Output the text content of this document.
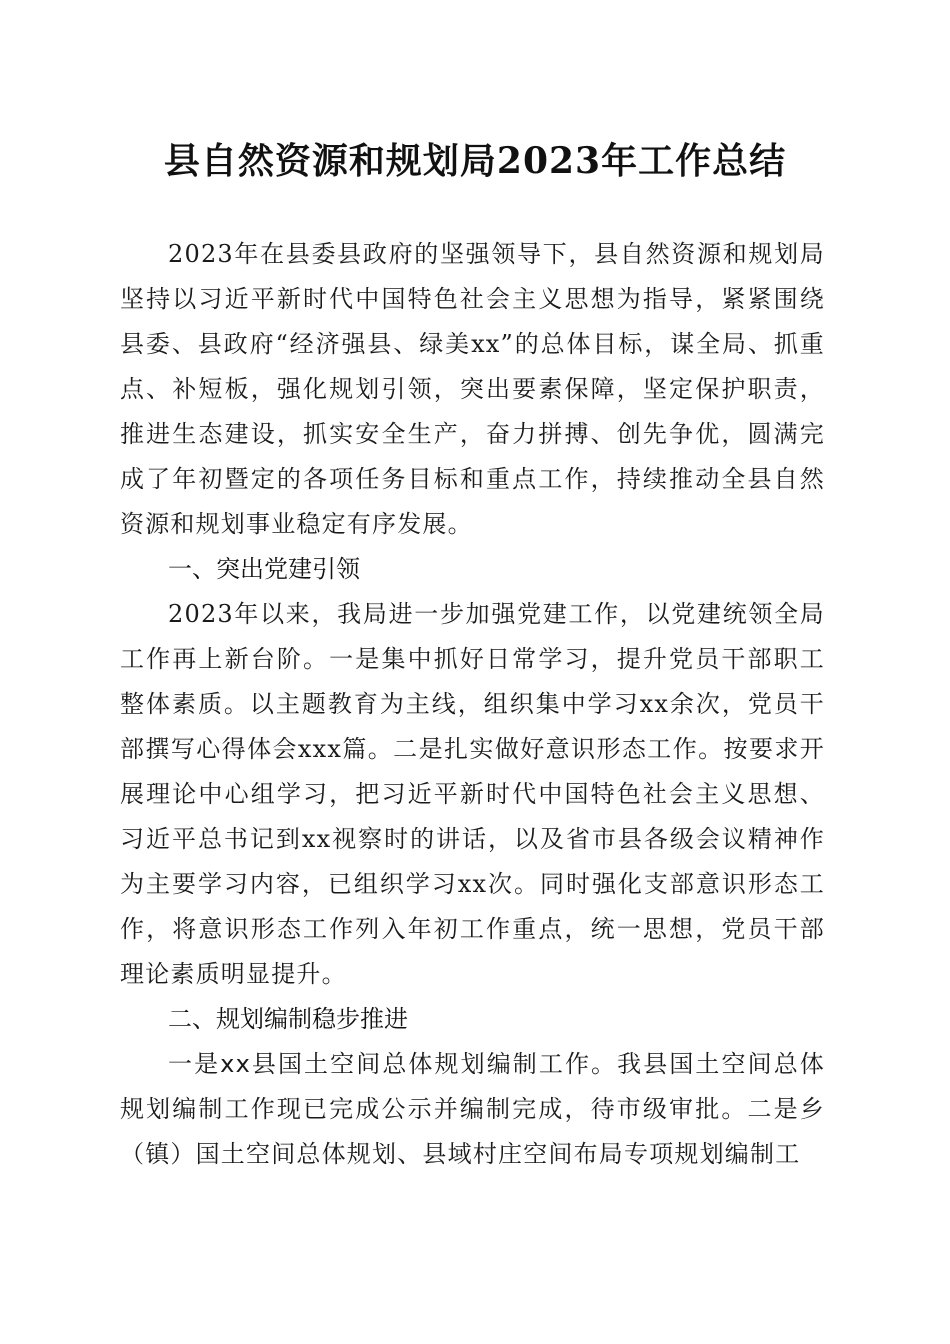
县自然资源和规划局2023年工作总结

2023年在县委县政府的坚强领导下，县自然资源和规划局坚持以习近平新时代中国特色社会主义思想为指导，紧紧围绕县委、县政府“经济强县、绿美xx”的总体目标，谋全局、抓重点、补短板，强化规划引领，突出要素保障，坚定保护职责，推进生态建设，抓实安全生产，奋力拼搏、创先争优，圆满完成了年初暨定的各项任务目标和重点工作，持续推动全县自然资源和规划事业稳定有序发展。

一、突出党建引领

2023年以来，我局进一步加强党建工作，以党建统领全局工作再上新台阶。一是集中抓好日常学习，提升党员干部职工整体素质。以主题教育为主线，组织集中学习xx余次，党员干部撰写心得体会xxx篇。二是扎实做好意识形态工作。按要求开展理论中心组学习，把习近平新时代中国特色社会主义思想、习近平总书记到xx视察时的讲话，以及省市县各级会议精神作为主要学习内容，已组织学习xx次。同时强化支部意识形态工作，将意识形态工作列入年初工作重点，统一思想，党员干部理论素质明显提升。

二、规划编制稳步推进

一是xx县国土空间总体规划编制工作。我县国土空间总体规划编制工作现已完成公示并编制完成，待市级审批。二是乡（镇）国土空间总体规划、县域村庄空间布局专项规划编制工
